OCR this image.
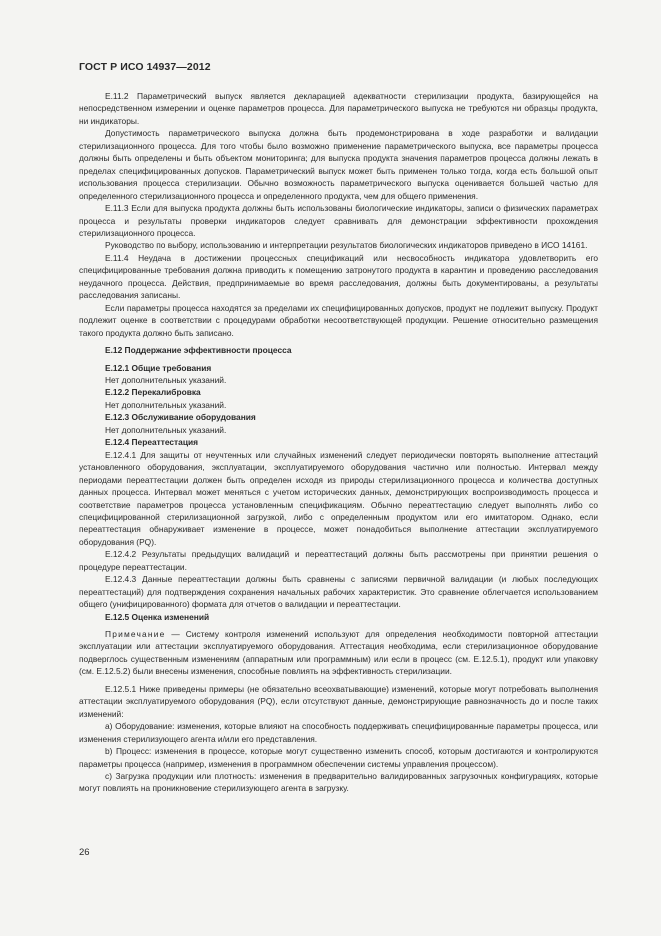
ГОСТ Р ИСО 14937—2012

Е.11.2 Параметрический выпуск является декларацией адекватности стерилизации продукта, базирующейся на непосредственном измерении и оценке параметров процесса. Для параметрического выпуска не требуются ни образцы продукта, ни индикаторы.

Допустимость параметрического выпуска должна быть продемонстрирована в ходе разработки и валидации стерилизационного процесса. Для того чтобы было возможно применение параметрического выпуска, все параметры процесса должны быть определены и быть объектом мониторинга; для выпуска продукта значения параметров процесса должны лежать в пределах специфицированных допусков. Параметрический выпуск может быть применен только тогда, когда есть большой опыт использования процесса стерилизации. Обычно возможность параметрического выпуска оценивается большей частью для определенного стерилизационного процесса и определенного продукта, чем для общего применения.

Е.11.3 Если для выпуска продукта должны быть использованы биологические индикаторы, записи о физических параметрах процесса и результаты проверки индикаторов следует сравнивать для демонстрации эффективности прохождения стерилизационного процесса.

Руководство по выбору, использованию и интерпретации результатов биологических индикаторов приведено в ИСО 14161.

Е.11.4 Неудача в достижении процессных спецификаций или несвособность индикатора удовлетворить его специфицированные требования должна приводить к помещению затронутого продукта в карантин и проведению расследования неудачного процесса. Действия, предпринимаемые во время расследования, должны быть документированы, а результаты расследования записаны.

Если параметры процесса находятся за пределами их специфицированных допусков, продукт не подлежит выпуску. Продукт подлежит оценке в соответствии с процедурами обработки несоответствующей продукции. Решение относительно размещения такого продукта должно быть записано.

Е.12 Поддержание эффективности процесса

Е.12.1 Общие требования

Нет дополнительных указаний.

Е.12.2 Перекалибровка

Нет дополнительных указаний.

Е.12.3 Обслуживание оборудования

Нет дополнительных указаний.

Е.12.4 Переаттестация

Е.12.4.1 Для защиты от неучтенных или случайных изменений следует периодически повторять выполнение аттестаций установленного оборудования, эксплуатации, эксплуатируемого оборудования частично или полностью. Интервал между периодами переаттестации должен быть определен исходя из природы стерилизационного процесса и количества доступных данных процесса. Интервал может меняться с учетом исторических данных, демонстрирующих воспроизводимость процесса и соответствие параметров процесса установленным спецификациям. Обычно переаттестацию следует выполнять либо со специфицированной стерилизационной загрузкой, либо с определенным продуктом или его имитатором. Однако, если переаттестация обнаруживает изменение в процессе, может понадобиться выполнение аттестации эксплуатируемого оборудования (PQ).

Е.12.4.2 Результаты предыдущих валидаций и переаттестаций должны быть рассмотрены при принятии решения о процедуре переаттестации.

Е.12.4.3 Данные переаттестации должны быть сравнены с записями первичной валидации (и любых последующих переаттестаций) для подтверждения сохранения начальных рабочих характеристик. Это сравнение облегчается использованием общего (унифицированного) формата для отчетов о валидации и переаттестации.

Е.12.5 Оценка изменений

Примечание — Систему контроля изменений используют для определения необходимости повторной аттестации эксплуатации или аттестации эксплуатируемого оборудования. Аттестация необходима, если стерилизационное оборудование подверглось существенным изменениям (аппаратным или программным) или если в процесс (см. Е.12.5.1), продукт или упаковку (см. Е.12.5.2) были внесены изменения, способные повлиять на эффективность стерилизации.

Е.12.5.1 Ниже приведены примеры (не обязательно всеохватывающие) изменений, которые могут потребовать выполнения аттестации эксплуатируемого оборудования (PQ), если отсутствуют данные, демонстрирующие равнозначность до и после таких изменений:

а) Оборудование: изменения, которые влияют на способность поддерживать специфицированные параметры процесса, или изменения стерилизующего агента и/или его представления.

b) Процесс: изменения в процессе, которые могут существенно изменить способ, которым достигаются и контролируются параметры процесса (например, изменения в программном обеспечении системы управления процессом).

с) Загрузка продукции или плотность: изменения в предварительно валидированных загрузочных конфигурациях, которые могут повлиять на проникновение стерилизующего агента в загрузку.

26
